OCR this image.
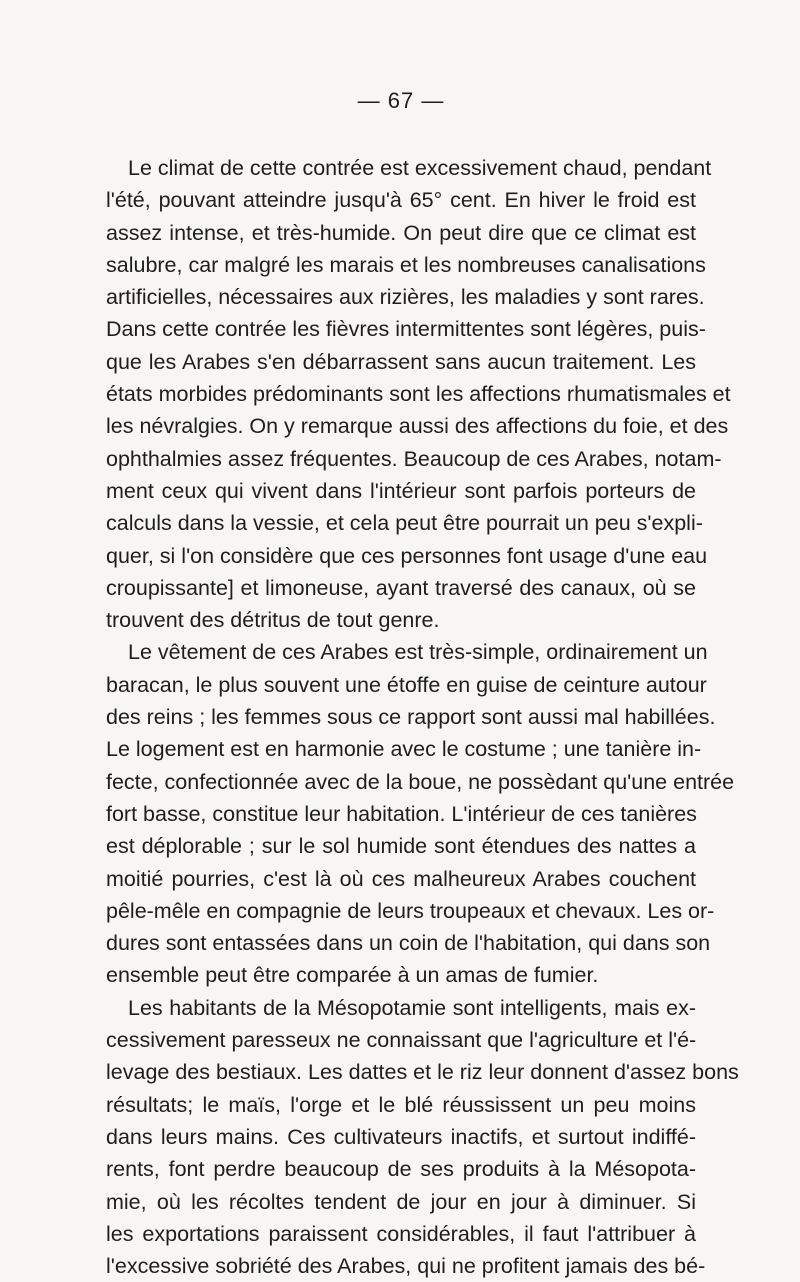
— 67 —
Le climat de cette contrée est excessivement chaud, pendant
l'été, pouvant atteindre jusqu'à 65° cent. En hiver le froid est
assez intense, et très-humide. On peut dire que ce climat est
salubre, car malgré les marais et les nombreuses canalisations
artificielles, nécessaires aux rizières, les maladies y sont rares.
Dans cette contrée les fièvres intermittentes sont légères, puis-
que les Arabes s'en débarrassent sans aucun traitement. Les
états morbides prédominants sont les affections rhumatismales et
les névralgies. On y remarque aussi des affections du foie, et des
ophthalmies assez fréquentes. Beaucoup de ces Arabes, notam-
ment ceux qui vivent dans l'intérieur sont parfois porteurs de
calculs dans la vessie, et cela peut être pourrait un peu s'expli-
quer, si l'on considère que ces personnes font usage d'une eau
croupissante] et limoneuse, ayant traversé des canaux, où se
trouvent des détritus de tout genre.
Le vêtement de ces Arabes est très-simple, ordinairement un
baracan, le plus souvent une étoffe en guise de ceinture autour
des reins ; les femmes sous ce rapport sont aussi mal habillées.
Le logement est en harmonie avec le costume ; une tanière in-
fecte, confectionnée avec de la boue, ne possèdant qu'une entrée
fort basse, constitue leur habitation. L'intérieur de ces tanières
est déplorable ; sur le sol humide sont étendues des nattes a
moitié pourries, c'est là où ces malheureux Arabes couchent
pêle-mêle en compagnie de leurs troupeaux et chevaux. Les or-
dures sont entassées dans un coin de l'habitation, qui dans son
ensemble peut être comparée à un amas de fumier.
Les habitants de la Mésopotamie sont intelligents, mais ex-
cessivement paresseux ne connaissant que l'agriculture et l'é-
levage des bestiaux. Les dattes et le riz leur donnent d'assez bons
résultats; le maïs, l'orge et le blé réussissent un peu moins
dans leurs mains. Ces cultivateurs inactifs, et surtout indiffé-
rents, font perdre beaucoup de ses produits à la Mésopota-
mie, où les récoltes tendent de jour en jour à diminuer. Si
les exportations paraissent considérables, il faut l'attribuer à
l'excessive sobriété des Arabes, qui ne profitent jamais des bé-
